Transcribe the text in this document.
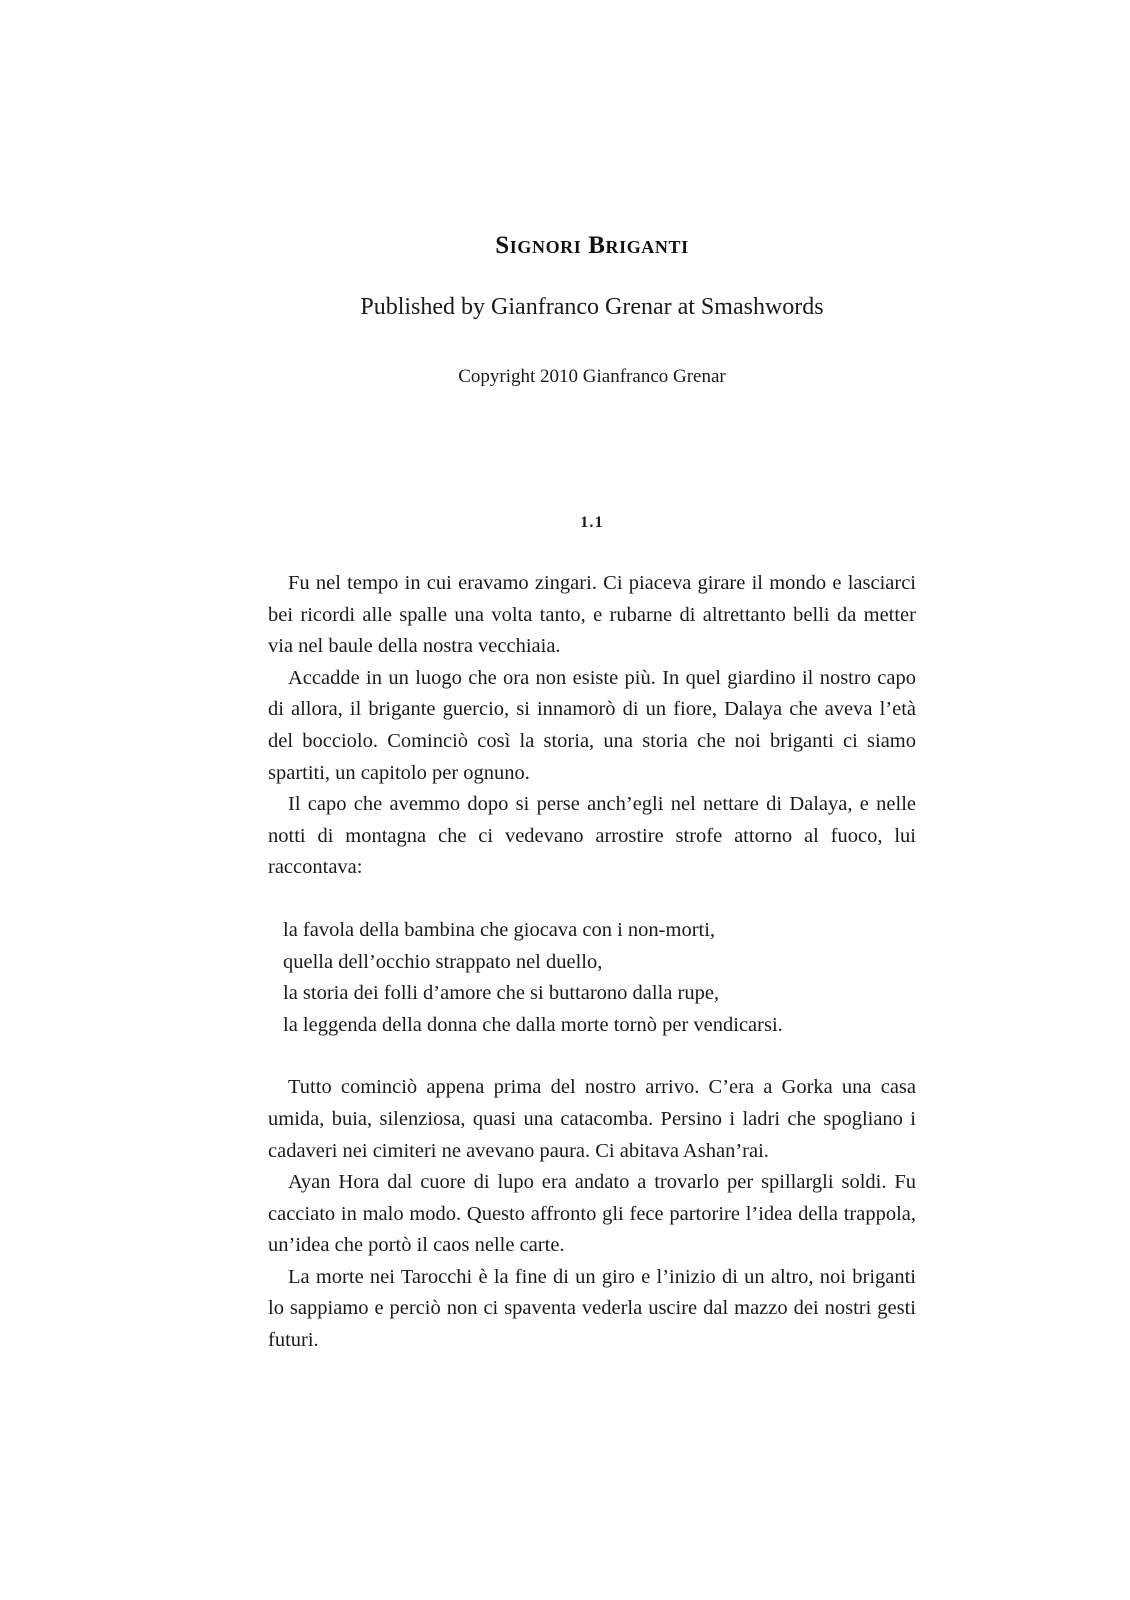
Signori Briganti
Published by Gianfranco Grenar at Smashwords
Copyright 2010 Gianfranco Grenar
1.1

Fu nel tempo in cui eravamo zingari. Ci piaceva girare il mondo e lasciarci bei ricordi alle spalle una volta tanto, e rubarne di altrettanto belli da metter via nel baule della nostra vecchiaia.

Accadde in un luogo che ora non esiste più. In quel giardino il nostro capo di allora, il brigante guercio, si innamorò di un fiore, Dalaya che aveva l’età del bocciolo. Cominciò così la storia, una storia che noi briganti ci siamo spartiti, un capitolo per ognuno.

Il capo che avemmo dopo si perse anch’egli nel nettare di Dalaya, e nelle notti di montagna che ci vedevano arrostire strofe attorno al fuoco, lui raccontava:

la favola della bambina che giocava con i non-morti,

quella dell’occhio strappato nel duello,

la storia dei folli d’amore che si buttarono dalla rupe,

la leggenda della donna che dalla morte tornò per vendicarsi.

Tutto cominciò appena prima del nostro arrivo. C’era a Gorka una casa umida, buia, silenziosa, quasi una catacomba. Persino i ladri che spogliano i cadaveri nei cimiteri ne avevano paura. Ci abitava Ashan’rai.

Ayan Hora dal cuore di lupo era andato a trovarlo per spillargli soldi. Fu cacciato in malo modo. Questo affronto gli fece partorire l’idea della trappola, un’idea che portò il caos nelle carte.

La morte nei Tarocchi è la fine di un giro e l’inizio di un altro, noi briganti lo sappiamo e perciò non ci spaventa vederla uscire dal mazzo dei nostri gesti futuri.
